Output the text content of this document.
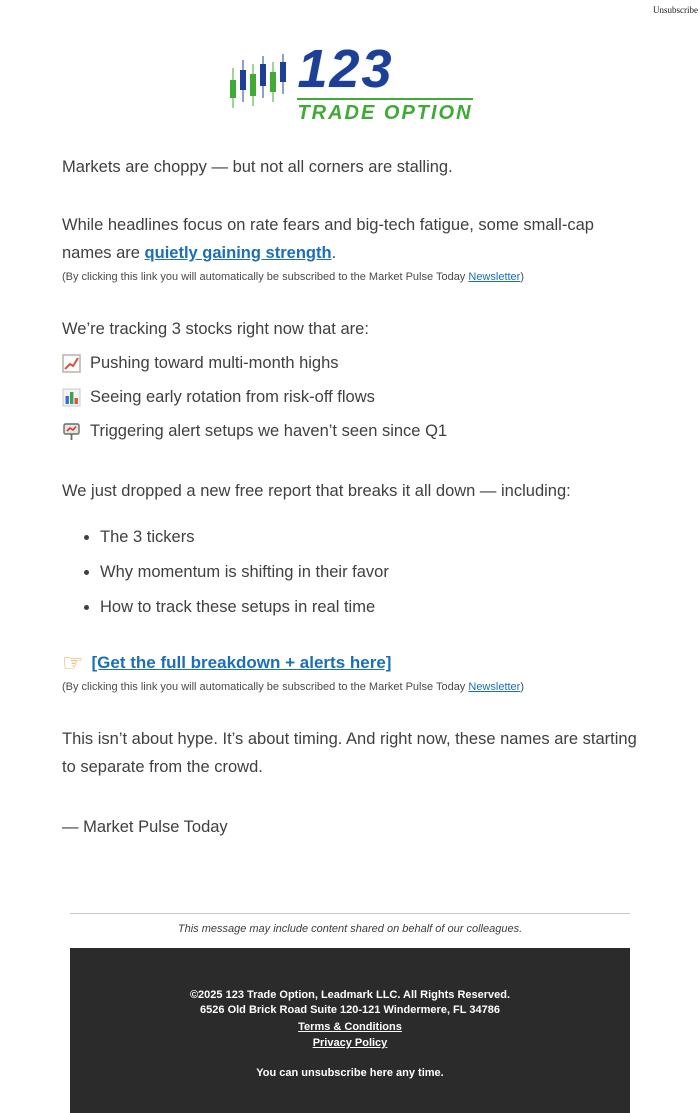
Unsubscribe
123
TRADE OPTION

Markets are choppy — but not all corners are stalling.

While headlines focus on rate fears and big-tech fatigue, some small-cap names are quietly gaining strength.

(By clicking this link you will automatically be subscribed to the Market Pulse Today Newsletter)

We’re tracking 3 stocks right now that are:

Pushing toward multi-month highs
Seeing early rotation from risk-off flows
Triggering alert setups we haven’t seen since Q1

We just dropped a new free report that breaks it all down — including:

• The 3 tickers
• Why momentum is shifting in their favor
• How to track these setups in real time

☞ [Get the full breakdown + alerts here]

(By clicking this link you will automatically be subscribed to the Market Pulse Today Newsletter)

This isn’t about hype. It’s about timing. And right now, these names are starting to separate from the crowd.

— Market Pulse Today

This message may include content shared on behalf of our colleagues.

©2025 123 Trade Option, Leadmark LLC. All Rights Reserved.
6526 Old Brick Road Suite 120-121 Windermere, FL 34786
Terms & Conditions
Privacy Policy
You can unsubscribe here any time.
